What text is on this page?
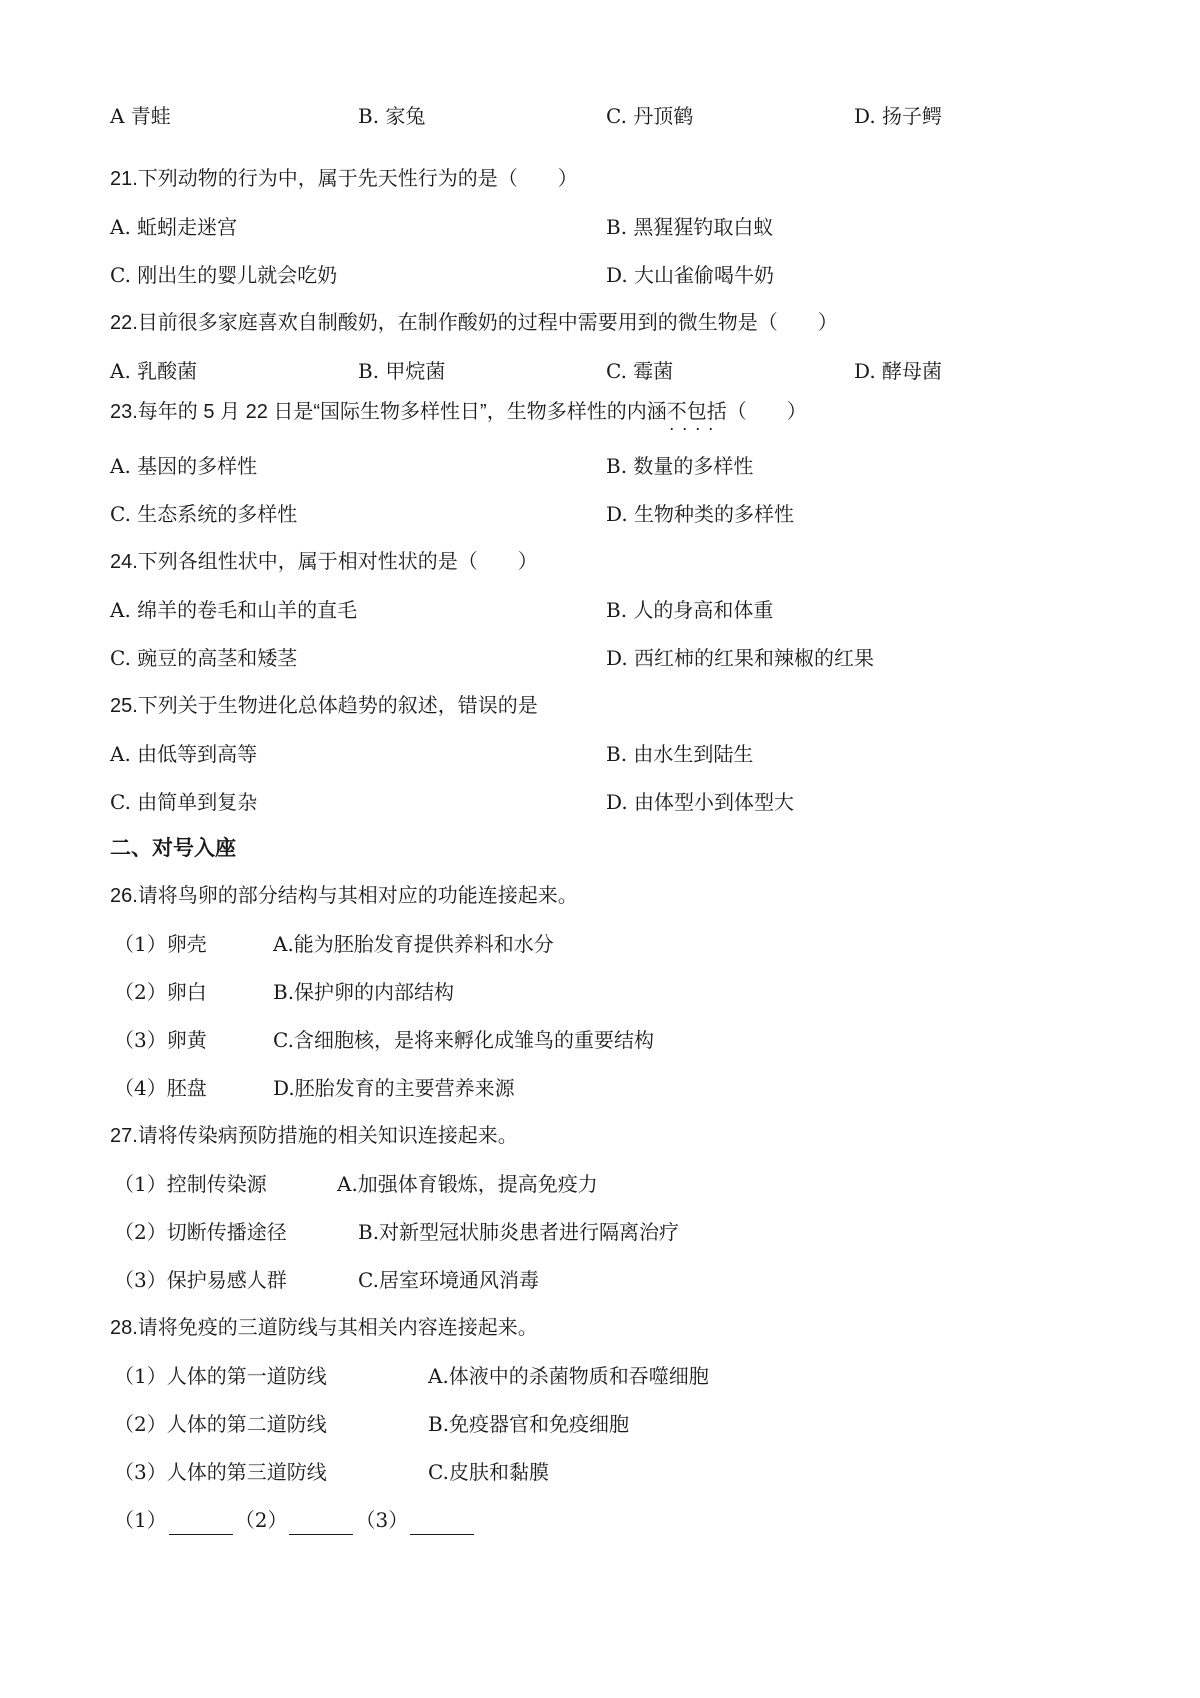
A 青蛙	B. 家兔	C. 丹顶鹤	D. 扬子鳄
21.下列动物的行为中，属于先天性行为的是（　　）
A. 蚯蚓走迷宫	B. 黑猩猩钓取白蚁
C. 刚出生的婴儿就会吃奶	D. 大山雀偷喝牛奶
22.目前很多家庭喜欢自制酸奶，在制作酸奶的过程中需要用到的微生物是（　　）
A. 乳酸菌	B. 甲烷菌	C. 霉菌	D. 酵母菌
23.每年的 5 月 22 日是“国际生物多样性日”，生物多样性的内涵不包括 · · · ·（　　）
A. 基因的多样性	B. 数量的多样性
C. 生态系统的多样性	D. 生物种类的多样性
24.下列各组性状中，属于相对性状的是（　　）
A. 绵羊的卷毛和山羊的直毛	B. 人的身高和体重
C. 豌豆的高茎和矮茎	D. 西红柿的红果和辣椒的红果
25.下列关于生物进化总体趋势的叙述，错误的是
A. 由低等到高等	B. 由水生到陆生
C. 由简单到复杂	D. 由体型小到体型大
二、对号入座
26.请将鸟卵的部分结构与其相对应的功能连接起来。
（1）卵壳	A.能为胚胎发育提供养料和水分
（2）卵白	B.保护卵的内部结构
（3）卵黄	C.含细胞核，是将来孵化成雏鸟的重要结构
（4）胚盘	D.胚胎发育的主要营养来源
27.请将传染病预防措施的相关知识连接起来。
（1）控制传染源	A.加强体育锻炼，提高免疫力
（2）切断传播途径	B.对新型冠状肺炎患者进行隔离治疗
（3）保护易感人群	C.居室环境通风消毒
28.请将免疫的三道防线与其相关内容连接起来。
（1）人体的第一道防线	A.体液中的杀菌物质和吞噬细胞
（2）人体的第二道防线	B.免疫器官和免疫细胞
（3）人体的第三道防线	C.皮肤和黏膜
（1）	（2）	（3）
